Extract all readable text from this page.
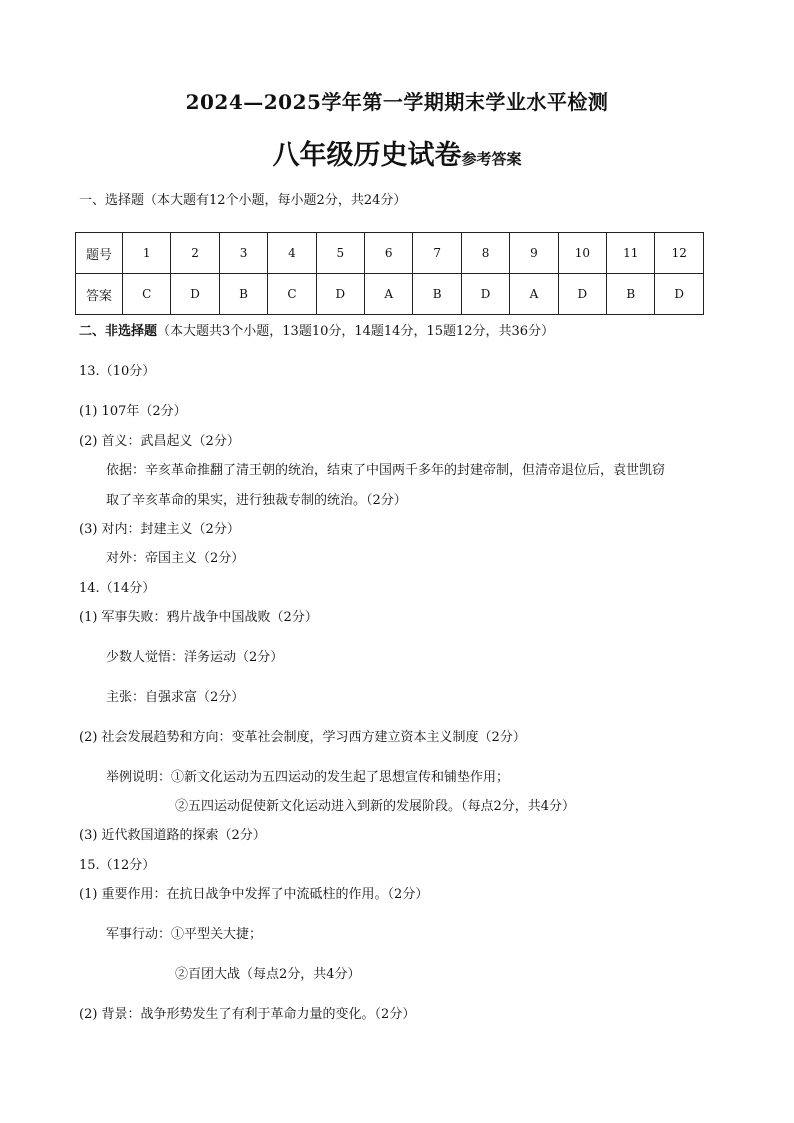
2024—2025学年第一学期期末学业水平检测
八年级历史试卷参考答案
一、选择题（本大题有12个小题，每小题2分，共24分）
题号	1	2	3	4	5	6	7	8	9	10	11	12
答案	C	D	B	C	D	A	B	D	A	D	B	D
二、非选择题（本大题共3个小题，13题10分，14题14分，15题12分，共36分）
13.（10分）
(1) 107年（2分）
(2) 首义：武昌起义（2分）
依据：辛亥革命推翻了清王朝的统治，结束了中国两千多年的封建帝制，但清帝退位后，袁世凯窃
取了辛亥革命的果实，进行独裁专制的统治。（2分）
(3) 对内：封建主义（2分）
对外：帝国主义（2分）
14.（14分）
(1) 军事失败：鸦片战争中国战败（2分）
少数人觉悟：洋务运动（2分）
主张：自强求富（2分）
(2) 社会发展趋势和方向：变革社会制度，学习西方建立资本主义制度（2分）
举例说明：①新文化运动为五四运动的发生起了思想宣传和铺垫作用；
②五四运动促使新文化运动进入到新的发展阶段。（每点2分，共4分）
(3) 近代救国道路的探索（2分）
15.（12分）
(1) 重要作用：在抗日战争中发挥了中流砥柱的作用。（2分）
军事行动：①平型关大捷；
②百团大战（每点2分，共4分）
(2) 背景：战争形势发生了有利于革命力量的变化。（2分）
